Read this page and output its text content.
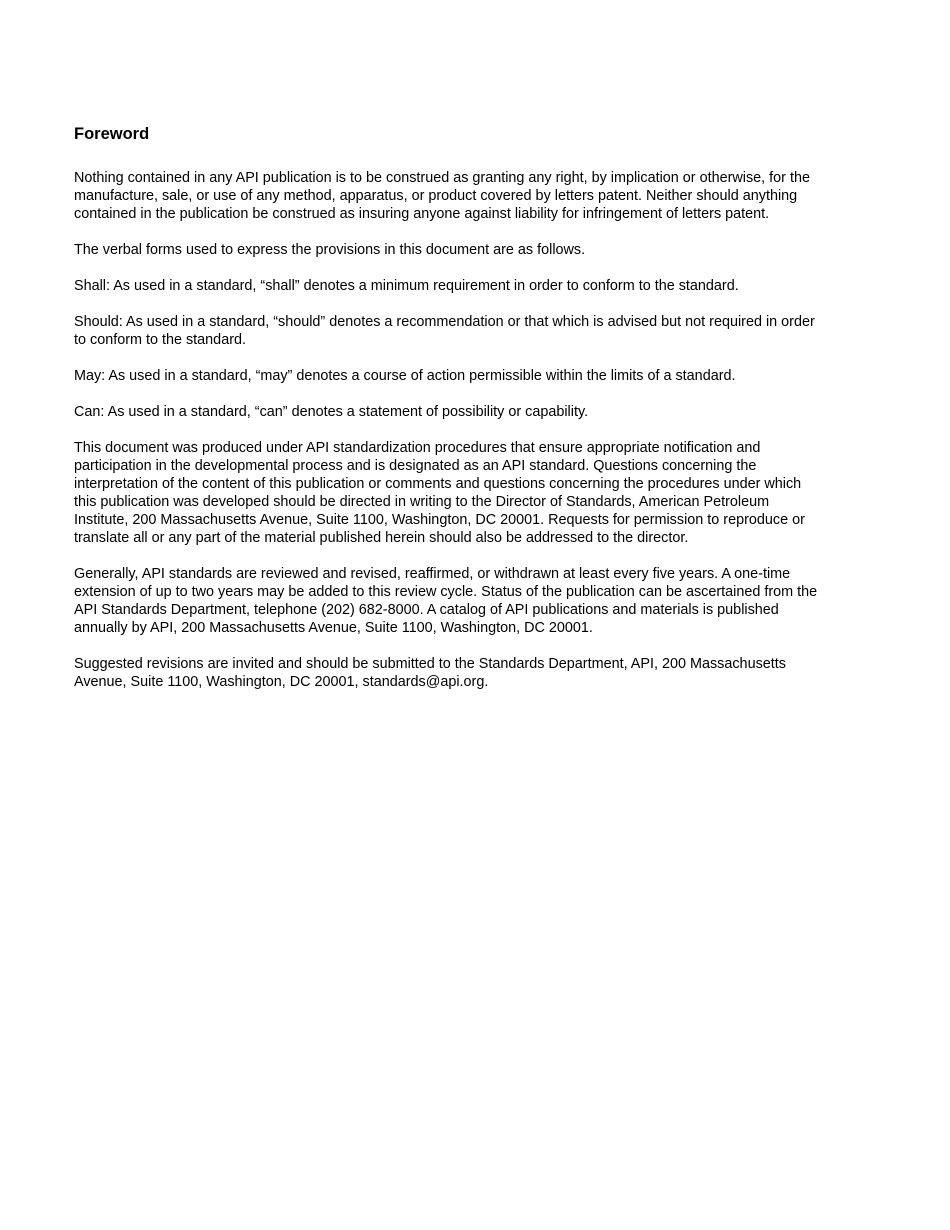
Foreword

Nothing contained in any API publication is to be construed as granting any right, by implication or otherwise, for the
manufacture, sale, or use of any method, apparatus, or product covered by letters patent. Neither should anything
contained in the publication be construed as insuring anyone against liability for infringement of letters patent.

The verbal forms used to express the provisions in this document are as follows.

Shall: As used in a standard, “shall” denotes a minimum requirement in order to conform to the standard.

Should: As used in a standard, “should” denotes a recommendation or that which is advised but not required in order
to conform to the standard.

May: As used in a standard, “may” denotes a course of action permissible within the limits of a standard.

Can: As used in a standard, “can” denotes a statement of possibility or capability.

This document was produced under API standardization procedures that ensure appropriate notification and
participation in the developmental process and is designated as an API standard. Questions concerning the
interpretation of the content of this publication or comments and questions concerning the procedures under which
this publication was developed should be directed in writing to the Director of Standards, American Petroleum
Institute, 200 Massachusetts Avenue, Suite 1100, Washington, DC 20001. Requests for permission to reproduce or
translate all or any part of the material published herein should also be addressed to the director.

Generally, API standards are reviewed and revised, reaffirmed, or withdrawn at least every five years. A one-time
extension of up to two years may be added to this review cycle. Status of the publication can be ascertained from the
API Standards Department, telephone (202) 682-8000. A catalog of API publications and materials is published
annually by API, 200 Massachusetts Avenue, Suite 1100, Washington, DC 20001.

Suggested revisions are invited and should be submitted to the Standards Department, API, 200 Massachusetts
Avenue, Suite 1100, Washington, DC 20001, standards@api.org.
